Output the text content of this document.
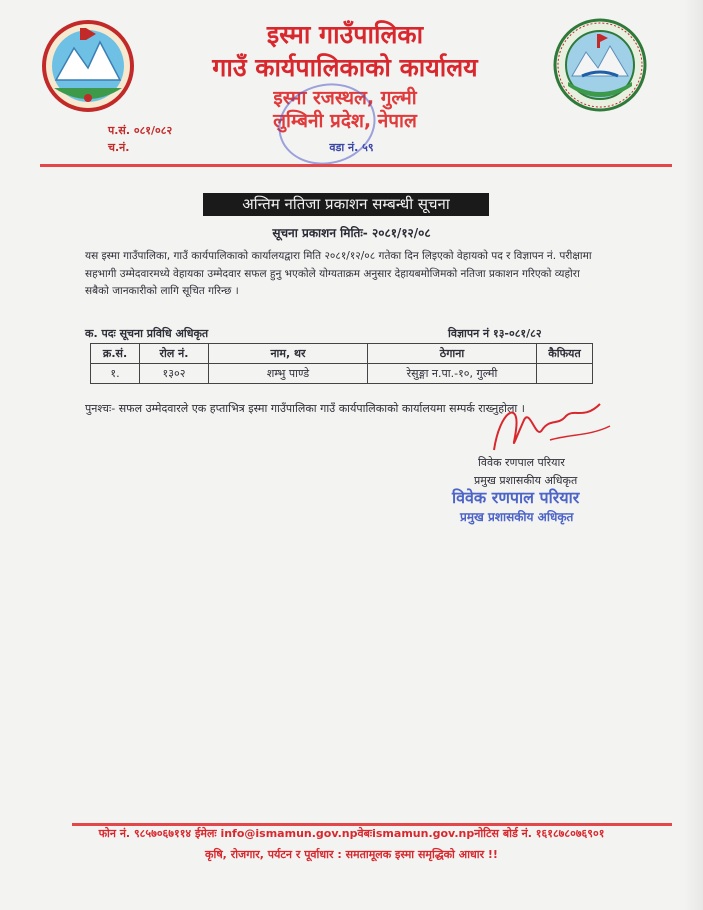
इस्मा गाउँपालिका
गाउँ कार्यपालिकाको कार्यालय
इस्मा रजस्थल, गुल्मी
लुम्बिनी प्रदेश, नेपाल
वडा नं. ५९
प.सं. ०८१/०८२
च.नं.
अन्तिम नतिजा प्रकाशन सम्बन्धी सूचना
सूचना प्रकाशन मितिः- २०८१/१२/०८
यस इस्मा गाउँपालिका, गाउँ कार्यपालिकाको कार्यालयद्वारा मिति २०८१/१२/०८ गतेका दिन लिइएको वेहायको पद र विज्ञापन नं. परीक्षामा सहभागी उम्मेदवारमध्ये वेहायका उम्मेदवार सफल हुनु भएकोले योग्यताक्रम अनुसार देहायबमोजिमको नतिजा प्रकाशन गरिएको व्यहोरा सबैको जानकारीको लागि सूचित गरिन्छ ।
क. पदः सूचना प्रविधि अधिकृत	विज्ञापन नं १३-०८१/८२
क्र.सं.	रोल नं.	नाम, थर	ठेगाना	कैफियत
१.	१३०२	शम्भु पाण्डे	रेसुङ्गा न.पा.-१०, गुल्मी	
पुनश्चः- सफल उम्मेदवारले एक हप्ताभित्र इस्मा गाउँपालिका गाउँ कार्यपालिकाको कार्यालयमा सम्पर्क राख्नुहोला ।
विवेक रणपाल परियार
प्रमुख प्रशासकीय अधिकृत
विवेक रणपाल परियार
प्रमुख प्रशासकीय अधिकृत
फोन नं. ९८५७०६७११४ ईमेलः info@ismamun.gov.npवेबःismamun.gov.npनोटिस बोर्ड नं. १६१८७८०७६९०१
कृषि, रोजगार, पर्यटन र पूर्वाधार : समतामूलक इस्मा समृद्धिको आधार !!
